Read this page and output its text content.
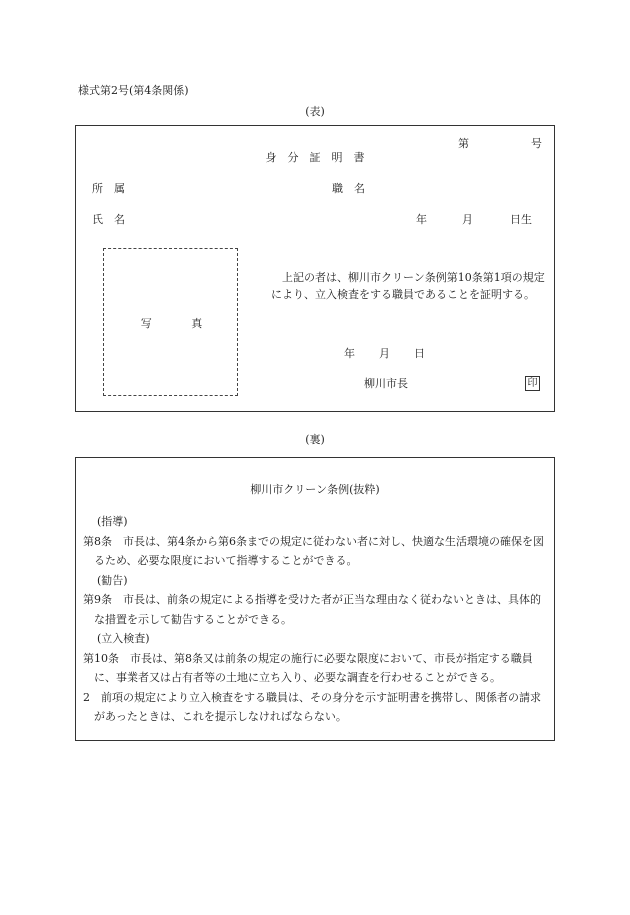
様式第2号(第4条関係)
(表)
第	号
身　分　証　明　書
所　属	職　名
氏　名	年	月	日生
写 真
上記の者は、柳川市クリーン条例第10条第1項の規定により、立入検査をする職員であることを証明する。
年 月 日
柳川市長	印
(裏)
柳川市クリーン条例(抜粋)
(指導)
第8条　市長は、第4条から第6条までの規定に従わない者に対し、快適な生活環境の確保を図るため、必要な限度において指導することができる。
(勧告)
第9条　市長は、前条の規定による指導を受けた者が正当な理由なく従わないときは、具体的な措置を示して勧告することができる。
(立入検査)
第10条　市長は、第8条又は前条の規定の施行に必要な限度において、市長が指定する職員に、事業者又は占有者等の土地に立ち入り、必要な調査を行わせることができる。
2　前項の規定により立入検査をする職員は、その身分を示す証明書を携帯し、関係者の請求があったときは、これを提示しなければならない。
